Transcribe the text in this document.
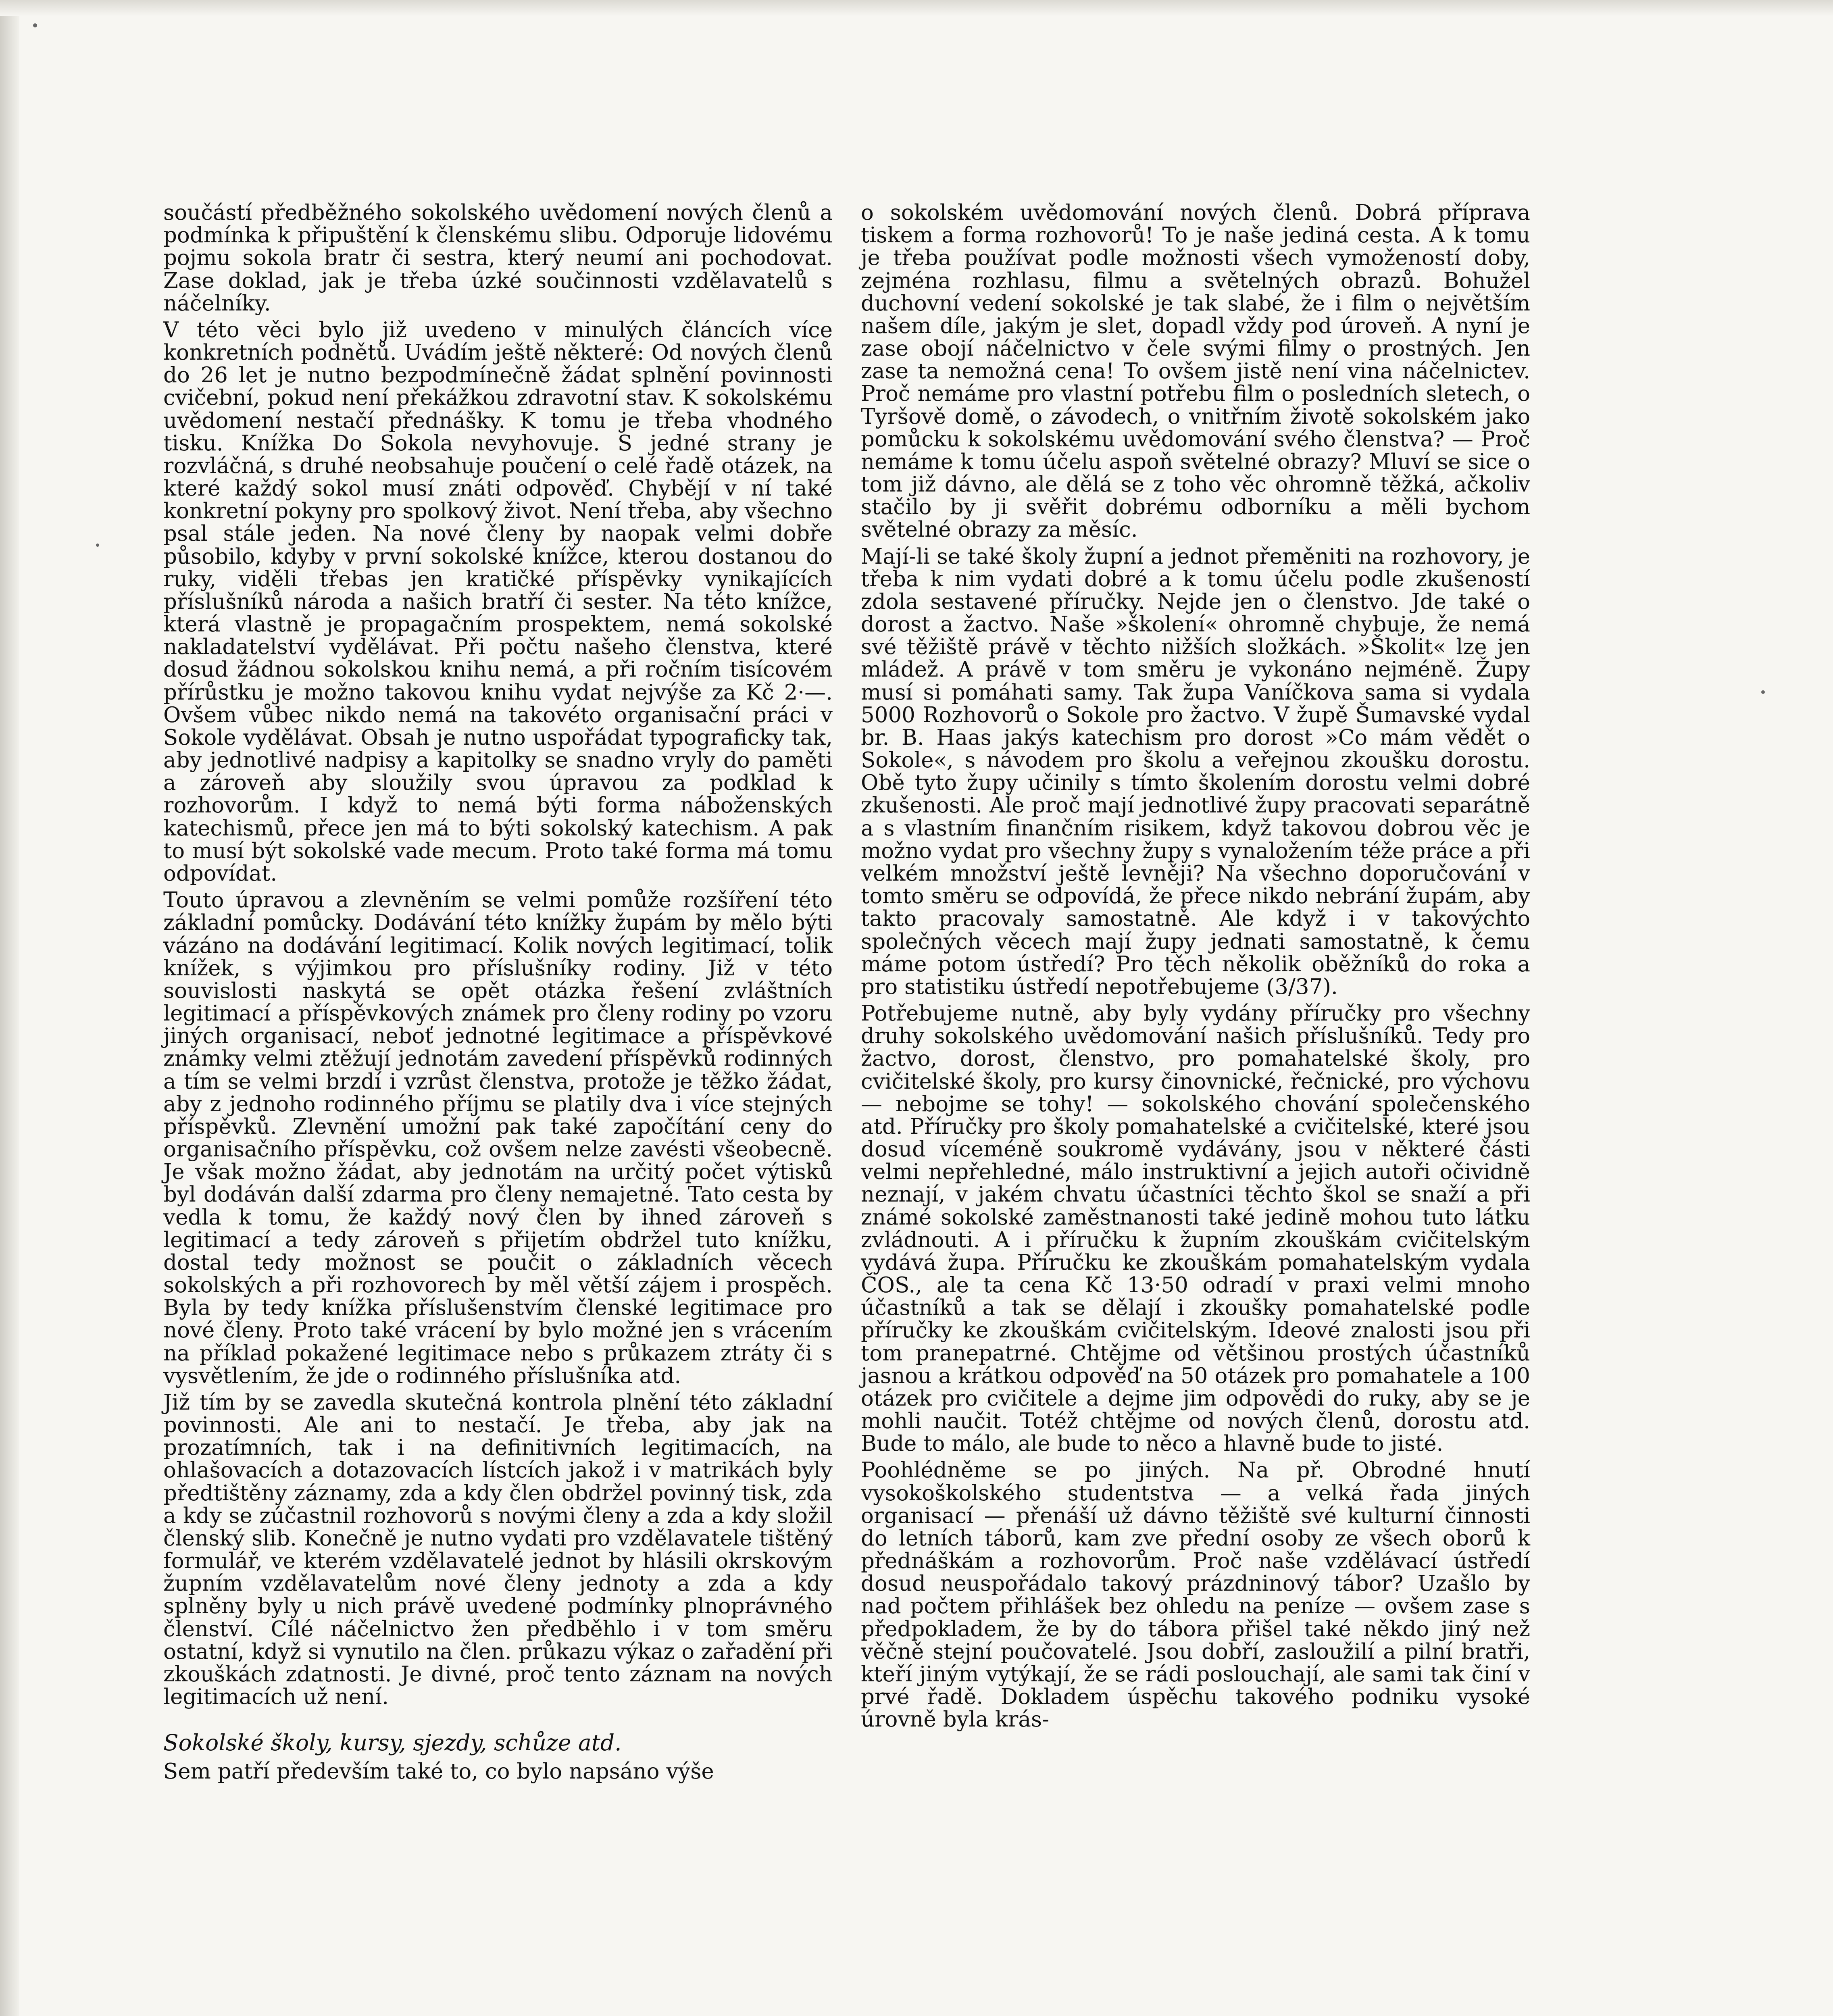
součástí předběžného sokolského uvědomení nových členů a podmínka k připuštění k členskému slibu. Odporuje lidovému pojmu sokola bratr či sestra, který neumí ani pochodovat. Zase doklad, jak je třeba úzké součinnosti vzdělavatelů s náčelníky.

V této věci bylo již uvedeno v minulých článcích více konkretních podnětů. Uvádím ještě některé: Od nových členů do 26 let je nutno bezpodmínečně žádat splnění povinnosti cvičební, pokud není překážkou zdravotní stav. K sokolskému uvědomení nestačí přednášky. K tomu je třeba vhodného tisku. Knížka Do Sokola nevyhovuje. S jedné strany je rozvláčná, s druhé neobsahuje poučení o celé řadě otázek, na které každý sokol musí znáti odpověď. Chybějí v ní také konkretní pokyny pro spolkový život. Není třeba, aby všechno psal stále jeden. Na nové členy by naopak velmi dobře působilo, kdyby v první sokolské knížce, kterou dostanou do ruky, viděli třebas jen kratičké příspěvky vynikajících příslušníků národa a našich bratří či sester. Na této knížce, která vlastně je propagačním prospektem, nemá sokolské nakladatelství vydělávat. Při počtu našeho členstva, které dosud žádnou sokolskou knihu nemá, a při ročním tisícovém přírůstku je možno takovou knihu vydat nejvýše za Kč 2·—. Ovšem vůbec nikdo nemá na takovéto organisační práci v Sokole vydělávat. Obsah je nutno uspořádat typograficky tak, aby jednotlivé nadpisy a kapitolky se snadno vryly do paměti a zároveň aby sloužily svou úpravou za podklad k rozhovorům. I když to nemá býti forma náboženských katechismů, přece jen má to býti sokolský katechism. A pak to musí být sokolské vade mecum. Proto také forma má tomu odpovídat.

Touto úpravou a zlevněním se velmi pomůže rozšíření této základní pomůcky. Dodávání této knížky župám by mělo býti vázáno na dodávání legitimací. Kolik nových legitimací, tolik knížek, s výjimkou pro příslušníky rodiny. Již v této souvislosti naskytá se opět otázka řešení zvláštních legitimací a příspěvkových známek pro členy rodiny po vzoru jiných organisací, neboť jednotné legitimace a příspěvkové známky velmi ztěžují jednotám zavedení příspěvků rodinných a tím se velmi brzdí i vzrůst členstva, protože je těžko žádat, aby z jednoho rodinného příjmu se platily dva i více stejných příspěvků. Zlevnění umožní pak také započítání ceny do organisačního příspěvku, což ovšem nelze zavésti všeobecně. Je však možno žádat, aby jednotám na určitý počet výtisků byl dodáván další zdarma pro členy nemajetné. Tato cesta by vedla k tomu, že každý nový člen by ihned zároveň s legitimací a tedy zároveň s přijetím obdržel tuto knížku, dostal tedy možnost se poučit o základních věcech sokolských a při rozhovorech by měl větší zájem i prospěch. Byla by tedy knížka příslušenstvím členské legitimace pro nové členy. Proto také vrácení by bylo možné jen s vrácením na příklad pokažené legitimace nebo s průkazem ztráty či s vysvětlením, že jde o rodinného příslušníka atd.

Již tím by se zavedla skutečná kontrola plnění této základní povinnosti. Ale ani to nestačí. Je třeba, aby jak na prozatímních, tak i na definitivních legitimacích, na ohlašovacích a dotazovacích lístcích jakož i v matrikách byly předtištěny záznamy, zda a kdy člen obdržel povinný tisk, zda a kdy se zúčastnil rozhovorů s novými členy a zda a kdy složil členský slib. Konečně je nutno vydati pro vzdělavatele tištěný formulář, ve kterém vzdělavatelé jednot by hlásili okrskovým župním vzdělavatelům nové členy jednoty a zda a kdy splněny byly u nich právě uvedené podmínky plnoprávného členství. Cílé náčelnictvo žen předběhlo i v tom směru ostatní, když si vynutilo na člen. průkazu výkaz o zařadění při zkouškách zdatnosti. Je divné, proč tento záznam na nových legitimacích už není.

Sokolské školy, kursy, sjezdy, schůze atd.

Sem patří především také to, co bylo napsáno výše

o sokolském uvědomování nových členů. Dobrá příprava tiskem a forma rozhovorů! To je naše jediná cesta. A k tomu je třeba používat podle možnosti všech vymožeností doby, zejména rozhlasu, filmu a světelných obrazů. Bohužel duchovní vedení sokolské je tak slabé, že i film o největším našem díle, jakým je slet, dopadl vždy pod úroveň. A nyní je zase obojí náčelnictvo v čele svými filmy o prostných. Jen zase ta nemožná cena! To ovšem jistě není vina náčelnictev. Proč nemáme pro vlastní potřebu film o posledních sletech, o Tyršově domě, o závodech, o vnitřním životě sokolském jako pomůcku k sokolskému uvědomování svého členstva? — Proč nemáme k tomu účelu aspoň světelné obrazy? Mluví se sice o tom již dávno, ale dělá se z toho věc ohromně těžká, ačkoliv stačilo by ji svěřit dobrému odborníku a měli bychom světelné obrazy za měsíc.

Mají-li se také školy župní a jednot přeměniti na rozhovory, je třeba k nim vydati dobré a k tomu účelu podle zkušeností zdola sestavené příručky. Nejde jen o členstvo. Jde také o dorost a žactvo. Naše »školení« ohromně chybuje, že nemá své těžiště právě v těchto nižších složkách. »Školit« lze jen mládež. A právě v tom směru je vykonáno nejméně. Župy musí si pomáhati samy. Tak župa Vaníčkova sama si vydala 5000 Rozhovorů o Sokole pro žactvo. V župě Šumavské vydal br. B. Haas jakýs katechism pro dorost »Co mám vědět o Sokole«, s návodem pro školu a veřejnou zkoušku dorostu. Obě tyto župy učinily s tímto školením dorostu velmi dobré zkušenosti. Ale proč mají jednotlivé župy pracovati separátně a s vlastním finančním risikem, když takovou dobrou věc je možno vydat pro všechny župy s vynaložením téže práce a při velkém množství ještě levněji? Na všechno doporučování v tomto směru se odpovídá, že přece nikdo nebrání župám, aby takto pracovaly samostatně. Ale když i v takovýchto společných věcech mají župy jednati samostatně, k čemu máme potom ústředí? Pro těch několik oběžníků do roka a pro statistiku ústředí nepotřebujeme (3/37).

Potřebujeme nutně, aby byly vydány příručky pro všechny druhy sokolského uvědomování našich příslušníků. Tedy pro žactvo, dorost, členstvo, pro pomahatelské školy, pro cvičitelské školy, pro kursy činovnické, řečnické, pro výchovu — nebojme se tohy! — sokolského chování společenského atd. Příručky pro školy pomahatelské a cvičitelské, které jsou dosud víceméně soukromě vydávány, jsou v některé části velmi nepřehledné, málo instruktivní a jejich autoři očividně neznají, v jakém chvatu účastníci těchto škol se snaží a při známé sokolské zaměstnanosti také jedině mohou tuto látku zvládnouti. A i příručku k župním zkouškám cvičitelským vydává župa. Příručku ke zkouškám pomahatelským vydala ČOS., ale ta cena Kč 13·50 odradí v praxi velmi mnoho účastníků a tak se dělají i zkoušky pomahatelské podle příručky ke zkouškám cvičitelským. Ideové znalosti jsou při tom pranepatrné. Chtějme od většinou prostých účastníků jasnou a krátkou odpověď na 50 otázek pro pomahatele a 100 otázek pro cvičitele a dejme jim odpovědi do ruky, aby se je mohli naučit. Totéž chtějme od nových členů, dorostu atd. Bude to málo, ale bude to něco a hlavně bude to jisté.

Poohlédněme se po jiných. Na př. Obrodné hnutí vysokoškolského studentstva — a velká řada jiných organisací — přenáší už dávno těžiště své kulturní činnosti do letních táborů, kam zve přední osoby ze všech oborů k přednáškám a rozhovorům. Proč naše vzdělávací ústředí dosud neuspořádalo takový prázdninový tábor? Uzašlo by nad počtem přihlášek bez ohledu na peníze — ovšem zase s předpokladem, že by do tábora přišel také někdo jiný než věčně stejní poučovatelé. Jsou dobří, zasloužilí a pilní bratři, kteří jiným vytýkají, že se rádi poslouchají, ale sami tak činí v prvé řadě. Dokladem úspěchu takového podniku vysoké úrovně byla krás-
